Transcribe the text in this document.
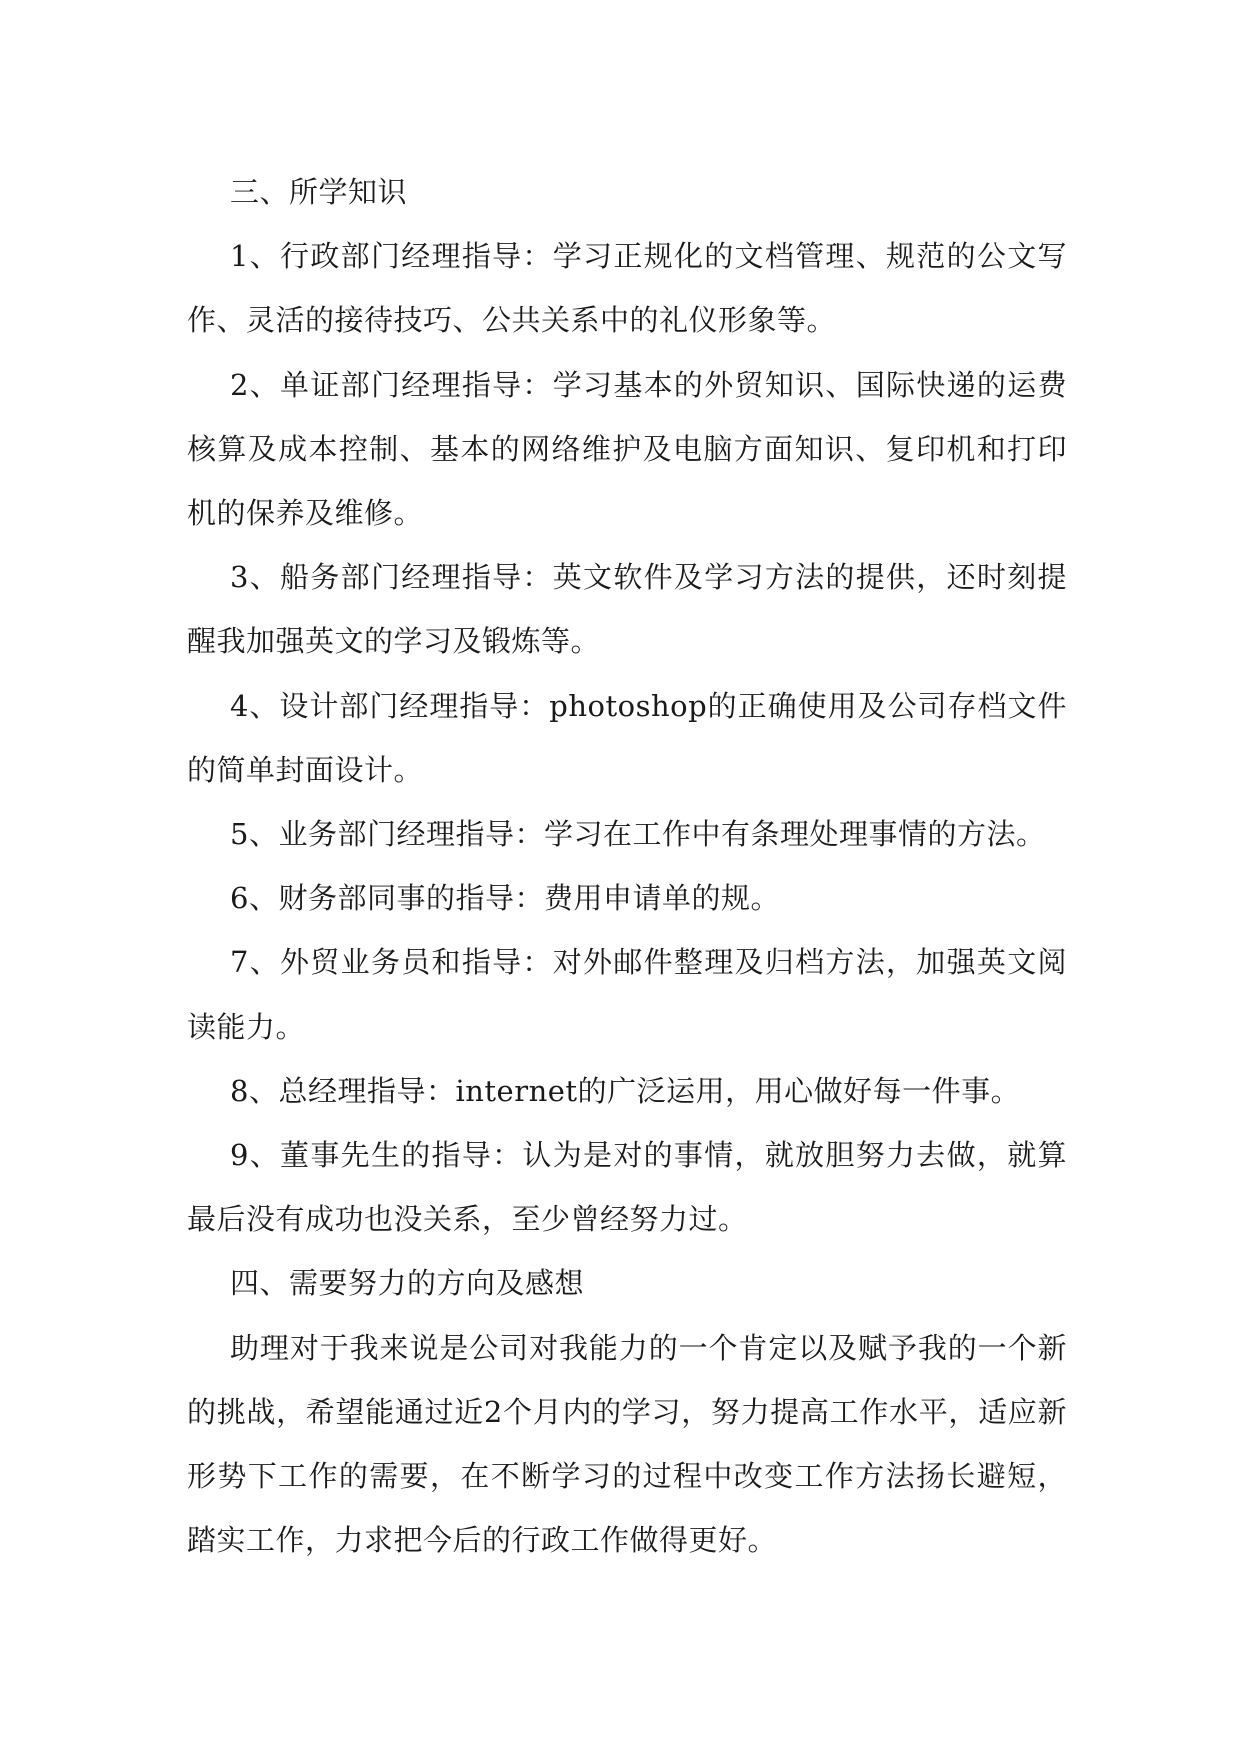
三、所学知识

1、行政部门经理指导：学习正规化的文档管理、规范的公文写作、灵活的接待技巧、公共关系中的礼仪形象等。

2、单证部门经理指导：学习基本的外贸知识、国际快递的运费核算及成本控制、基本的网络维护及电脑方面知识、复印机和打印机的保养及维修。

3、船务部门经理指导：英文软件及学习方法的提供，还时刻提醒我加强英文的学习及锻炼等。

4、设计部门经理指导：photoshop的正确使用及公司存档文件的简单封面设计。

5、业务部门经理指导：学习在工作中有条理处理事情的方法。

6、财务部同事的指导：费用申请单的规。

7、外贸业务员和指导：对外邮件整理及归档方法，加强英文阅读能力。

8、总经理指导：internet的广泛运用，用心做好每一件事。

9、董事先生的指导：认为是对的事情，就放胆努力去做，就算最后没有成功也没关系，至少曾经努力过。

四、需要努力的方向及感想

助理对于我来说是公司对我能力的一个肯定以及赋予我的一个新的挑战，希望能通过近2个月内的学习，努力提高工作水平，适应新形势下工作的需要，在不断学习的过程中改变工作方法扬长避短，踏实工作，力求把今后的行政工作做得更好。
